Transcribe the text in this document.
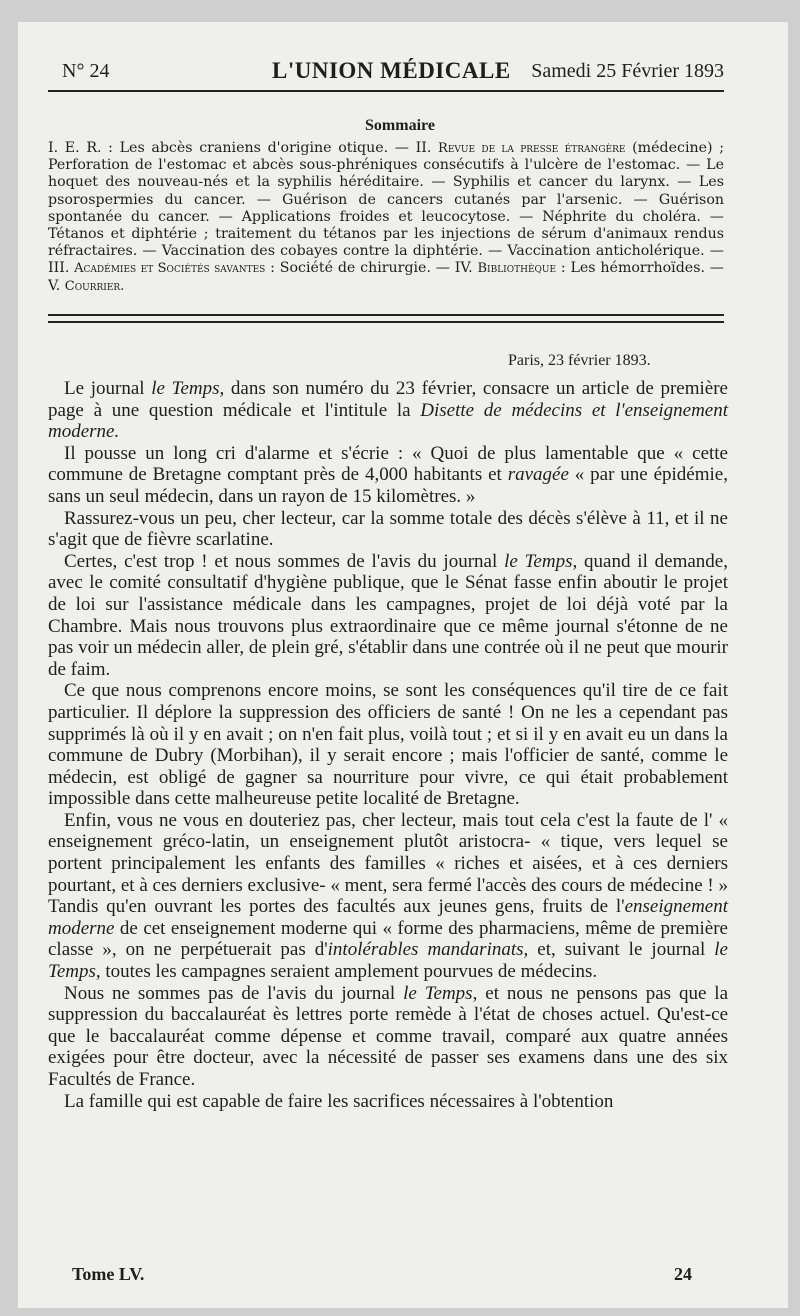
N° 24	L'UNION MÉDICALE Samedi 25 Février 1893
Sommaire
I. E. R. : Les abcès craniens d'origine otique. — II. Revue de la presse étrangère (médecine) ; Perforation de l'estomac et abcès sous-phréniques consécutifs à l'ulcère de l'estomac. — Le hoquet des nouveau-nés et la syphilis héréditaire. — Syphilis et cancer du larynx. — Les psorospermies du cancer. — Guérison de cancers cutanés par l'arsenic. — Guérison spontanée du cancer. — Applications froides et leucocytose. — Néphrite du choléra. — Tétanos et diphtérie ; traitement du tétanos par les injections de sérum d'animaux rendus réfractaires. — Vaccination des cobayes contre la diphtérie. — Vaccination anticholérique. — III. Académies et Sociétés savantes : Société de chirurgie. — IV. Bibliothèque : Les hémorrhoïdes. — V. Courrier.
Paris, 23 février 1893.

Le journal le Temps, dans son numéro du 23 février, consacre un article de première page à une question médicale et l'intitule la Disette de médecins et l'enseignement moderne.

Il pousse un long cri d'alarme et s'écrie : « Quoi de plus lamentable que « cette commune de Bretagne comptant près de 4,000 habitants et ravagée « par une épidémie, sans un seul médecin, dans un rayon de 15 kilomètres. »

Rassurez-vous un peu, cher lecteur, car la somme totale des décès s'élève à 11, et il ne s'agit que de fièvre scarlatine.

Certes, c'est trop ! et nous sommes de l'avis du journal le Temps, quand il demande, avec le comité consultatif d'hygiène publique, que le Sénat fasse enfin aboutir le projet de loi sur l'assistance médicale dans les campagnes, projet de loi déjà voté par la Chambre. Mais nous trouvons plus extraordinaire que ce même journal s'étonne de ne pas voir un médecin aller, de plein gré, s'établir dans une contrée où il ne peut que mourir de faim.

Ce que nous comprenons encore moins, se sont les conséquences qu'il tire de ce fait particulier. Il déplore la suppression des officiers de santé ! On ne les a cependant pas supprimés là où il y en avait ; on n'en fait plus, voilà tout ; et si il y en avait eu un dans la commune de Dubry (Morbihan), il y serait encore ; mais l'officier de santé, comme le médecin, est obligé de gagner sa nourriture pour vivre, ce qui était probablement impossible dans cette malheureuse petite localité de Bretagne.

Enfin, vous ne vous en douteriez pas, cher lecteur, mais tout cela c'est la faute de l' « enseignement gréco-latin, un enseignement plutôt aristocra- « tique, vers lequel se portent principalement les enfants des familles « riches et aisées, et à ces derniers pourtant, et à ces derniers exclusive- « ment, sera fermé l'accès des cours de médecine ! » Tandis qu'en ouvrant les portes des facultés aux jeunes gens, fruits de l'enseignement moderne de cet enseignement moderne qui « forme des pharmaciens, même de première classe », on ne perpétuerait pas d'intolérables mandarinats, et, suivant le journal le Temps, toutes les campagnes seraient amplement pourvues de médecins.

Nous ne sommes pas de l'avis du journal le Temps, et nous ne pensons pas que la suppression du baccalauréat ès lettres porte remède à l'état de choses actuel. Qu'est-ce que le baccalauréat comme dépense et comme travail, comparé aux quatre années exigées pour être docteur, avec la nécessité de passer ses examens dans une des six Facultés de France.

La famille qui est capable de faire les sacrifices nécessaires à l'obtention

Tome LV.	24
